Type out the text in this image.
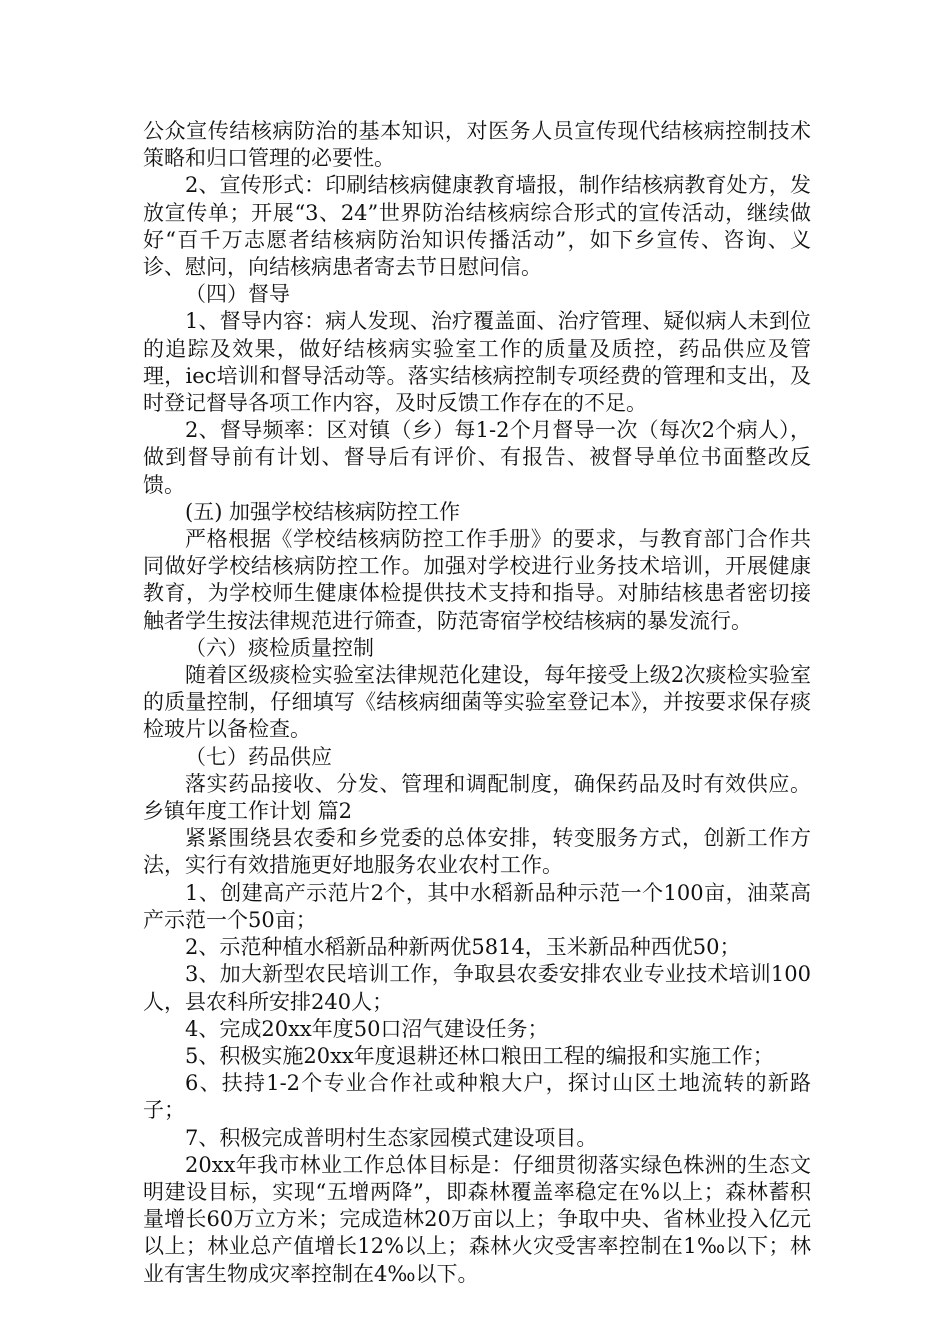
公众宣传结核病防治的基本知识，对医务人员宣传现代结核病控制技术策略和归口管理的必要性。

2、宣传形式：印刷结核病健康教育墙报，制作结核病教育处方，发放宣传单；开展“3、24”世界防治结核病综合形式的宣传活动，继续做好“百千万志愿者结核病防治知识传播活动”，如下乡宣传、咨询、义诊、慰问，向结核病患者寄去节日慰问信。

（四）督导

1、督导内容：病人发现、治疗覆盖面、治疗管理、疑似病人未到位的追踪及效果，做好结核病实验室工作的质量及质控，药品供应及管理，iec培训和督导活动等。落实结核病控制专项经费的管理和支出，及时登记督导各项工作内容，及时反馈工作存在的不足。

2、督导频率：区对镇（乡）每1-2个月督导一次（每次2个病人），做到督导前有计划、督导后有评价、有报告、被督导单位书面整改反馈。

(五) 加强学校结核病防控工作

严格根据《学校结核病防控工作手册》的要求，与教育部门合作共同做好学校结核病防控工作。加强对学校进行业务技术培训，开展健康教育，为学校师生健康体检提供技术支持和指导。对肺结核患者密切接触者学生按法律规范进行筛查，防范寄宿学校结核病的暴发流行。

（六）痰检质量控制

随着区级痰检实验室法律规范化建设，每年接受上级2次痰检实验室的质量控制，仔细填写《结核病细菌等实验室登记本》，并按要求保存痰检玻片以备检查。

（七）药品供应

落实药品接收、分发、管理和调配制度，确保药品及时有效供应。乡镇年度工作计划 篇2

紧紧围绕县农委和乡党委的总体安排，转变服务方式，创新工作方法，实行有效措施更好地服务农业农村工作。

1、创建高产示范片2个，其中水稻新品种示范一个100亩，油菜高产示范一个50亩；

2、示范种植水稻新品种新两优5814，玉米新品种西优50；

3、加大新型农民培训工作，争取县农委安排农业专业技术培训100人，县农科所安排240人；

4、完成20xx年度50口沼气建设任务；

5、积极实施20xx年度退耕还林口粮田工程的编报和实施工作；

6、扶持1-2个专业合作社或种粮大户，探讨山区土地流转的新路子；

7、积极完成普明村生态家园模式建设项目。

20xx年我市林业工作总体目标是：仔细贯彻落实绿色株洲的生态文明建设目标，实现“五增两降”，即森林覆盖率稳定在%以上；森林蓄积量增长60万立方米；完成造林20万亩以上；争取中央、省林业投入亿元以上；林业总产值增长12%以上；森林火灾受害率控制在1‰以下；林业有害生物成灾率控制在4‰以下。
